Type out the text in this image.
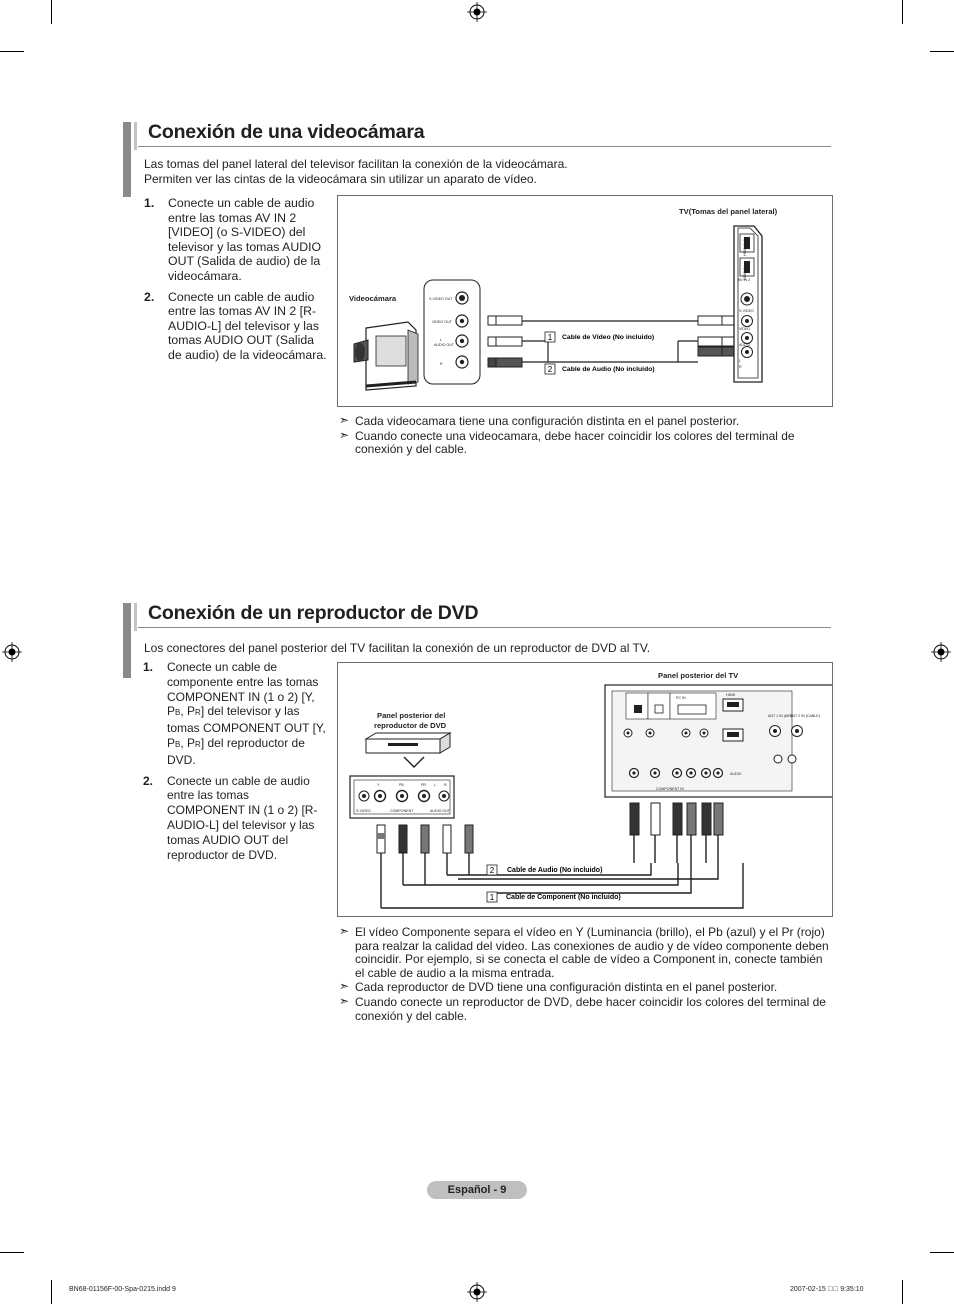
Conexión de una videocámara
Las tomas del panel lateral del televisor facilitan la conexión de la videocámara.
Permiten ver las cintas de la videocámara sin utilizar un aparato de vídeo.
1. Conecte un cable de audio entre las tomas AV IN 2 [VIDEO] (o S-VIDEO) del televisor y las tomas AUDIO OUT (Salida de audio) de la videocámara.
2. Conecte un cable de audio entre las tomas AV IN 2 [R-AUDIO-L] del televisor y las tomas AUDIO OUT (Salida de audio) de la videocámara.
TV(Tomas del panel lateral)
Videocámara	S-VIDEO OUT
VIDEO OUT
AUDIO OUT
L
R
1 Cable de Vídeo (No incluido)
2 Cable de Audio (No incluido)
AV IN 2
S-VIDEO
VIDEO
AUDIO
L
R
HDMI IN 2
HDMI IN
➣ Cada videocamara tiene una configuración distinta en el panel posterior.
➣ Cuando conecte una videocamara, debe hacer coincidir los colores del terminal de conexión y del cable.
Conexión de un reproductor de DVD
Los conectores del panel posterior del TV facilitan la conexión de un reproductor de DVD al TV.
1. Conecte un cable de componente entre las tomas COMPONENT IN (1 o 2) [Y, PB, PR] del televisor y las tomas COMPONENT OUT [Y, PB, PR] del reproductor de DVD.
2. Conecte un cable de audio entre las tomas COMPONENT IN (1 o 2) [R-AUDIO-L] del televisor y las tomas AUDIO OUT del reproductor de DVD.
Panel posterior del TV
Panel posterior del
reproductor de DVD
Y	PB	PR L R
S-VIDEO	COMPONENT	AUDIO OUT
PC IN
HDMI
ANT 1 IN (AIR)
ANT 2 IN (CABLE)
COMPONENT IN
AUDIO
2 Cable de Audio (No incluido)
1 Cable de Component (No incluido)
➣ El vídeo Componente separa el vídeo en Y (Luminancia (brillo), el Pb (azul) y el Pr (rojo) para realzar la calidad del video. Las conexiones de audio y de vídeo componente deben coincidir. Por ejemplo, si se conecta el cable de vídeo a Component in, conecte también el cable de audio a la misma entrada.
➣ Cada reproductor de DVD tiene una configuración distinta en el panel posterior.
➣ Cuando conecte un reproductor de DVD, debe hacer coincidir los colores del terminal de conexión y del cable.
Español - 9
BN68-01156F-00-Spa-0215.indd 9	2007-02-15 ￿￿ 9:35:10
